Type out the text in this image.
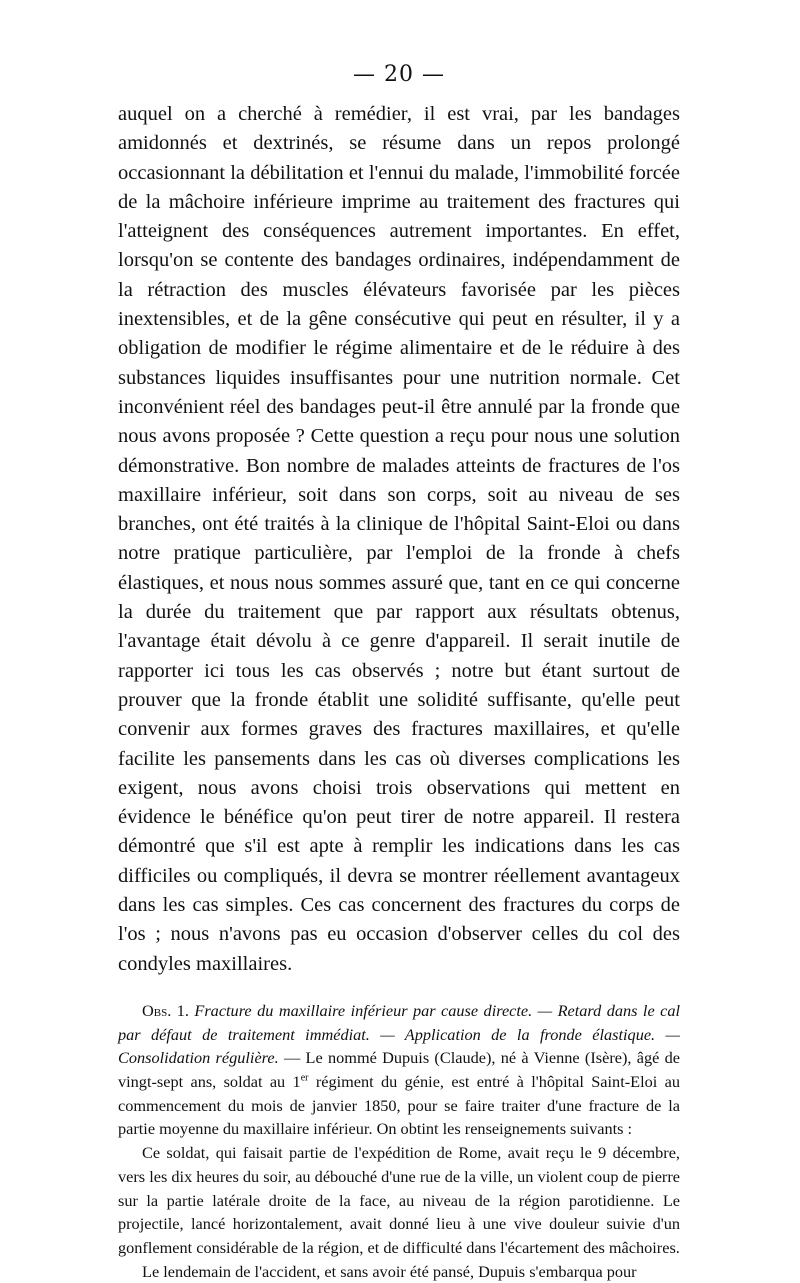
— 20 —

auquel on a cherché à remédier, il est vrai, par les bandages amidonnés et dextrinés, se résume dans un repos prolongé occasionnant la débilitation et l'ennui du malade, l'immobilité forcée de la mâchoire inférieure imprime au traitement des fractures qui l'atteignent des conséquences autrement importantes. En effet, lorsqu'on se contente des bandages ordinaires, indépendamment de la rétraction des muscles élévateurs favorisée par les pièces inextensibles, et de la gêne consécutive qui peut en résulter, il y a obligation de modifier le régime alimentaire et de le réduire à des substances liquides insuffisantes pour une nutrition normale. Cet inconvénient réel des bandages peut-il être annulé par la fronde que nous avons proposée ? Cette question a reçu pour nous une solution démonstrative. Bon nombre de malades atteints de fractures de l'os maxillaire inférieur, soit dans son corps, soit au niveau de ses branches, ont été traités à la clinique de l'hôpital Saint-Eloi ou dans notre pratique particulière, par l'emploi de la fronde à chefs élastiques, et nous nous sommes assuré que, tant en ce qui concerne la durée du traitement que par rapport aux résultats obtenus, l'avantage était dévolu à ce genre d'appareil. Il serait inutile de rapporter ici tous les cas observés ; notre but étant surtout de prouver que la fronde établit une solidité suffisante, qu'elle peut convenir aux formes graves des fractures maxillaires, et qu'elle facilite les pansements dans les cas où diverses complications les exigent, nous avons choisi trois observations qui mettent en évidence le bénéfice qu'on peut tirer de notre appareil. Il restera démontré que s'il est apte à remplir les indications dans les cas difficiles ou compliqués, il devra se montrer réellement avantageux dans les cas simples. Ces cas concernent des fractures du corps de l'os ; nous n'avons pas eu occasion d'observer celles du col des condyles maxillaires.

Obs. 1. Fracture du maxillaire inférieur par cause directe. — Retard dans le cal par défaut de traitement immédiat. — Application de la fronde élastique. — Consolidation régulière. — Le nommé Dupuis (Claude), né à Vienne (Isère), âgé de vingt-sept ans, soldat au 1er régiment du génie, est entré à l'hôpital Saint-Eloi au commencement du mois de janvier 1850, pour se faire traiter d'une fracture de la partie moyenne du maxillaire inférieur. On obtint les renseignements suivants :

Ce soldat, qui faisait partie de l'expédition de Rome, avait reçu le 9 décembre, vers les dix heures du soir, au débouché d'une rue de la ville, un violent coup de pierre sur la partie latérale droite de la face, au niveau de la région parotidienne. Le projectile, lancé horizontalement, avait donné lieu à une vive douleur suivie d'un gonflement considérable de la région, et de difficulté dans l'écartement des mâchoires.

Le lendemain de l'accident, et sans avoir été pansé, Dupuis s'embarqua pour
